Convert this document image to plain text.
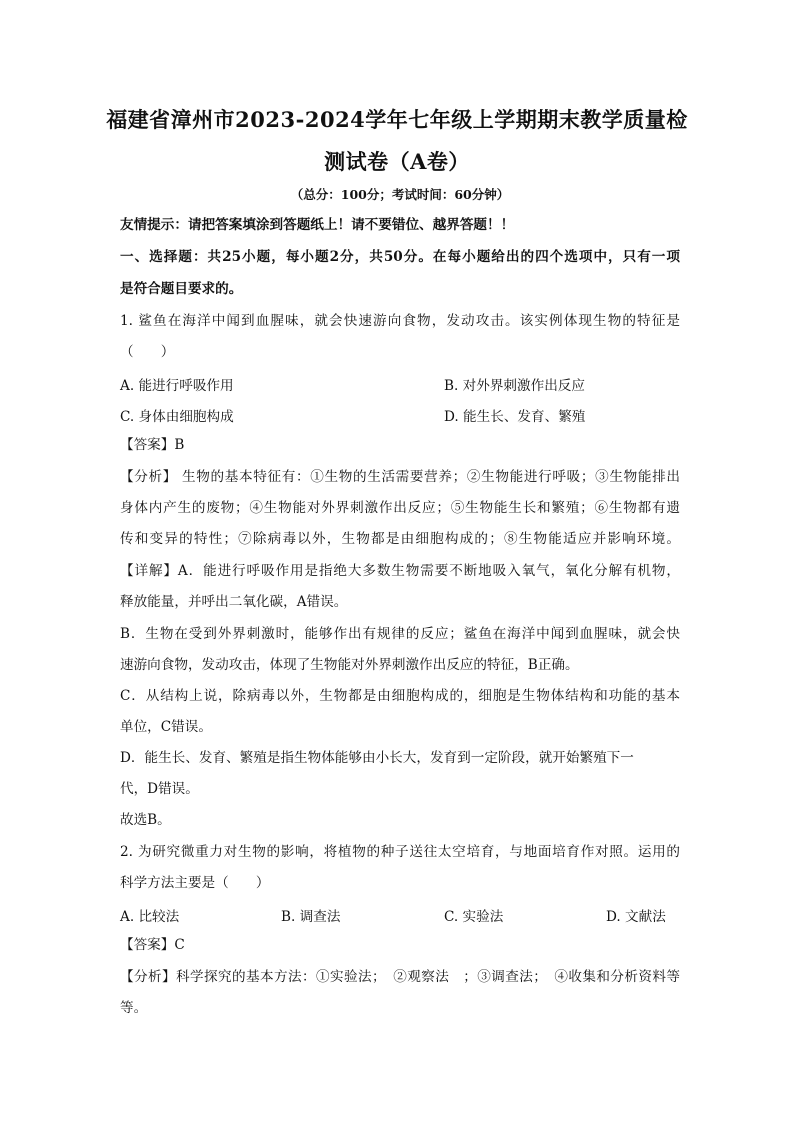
福建省漳州市2023-2024学年七年级上学期期末教学质量检
测试卷（A卷）
（总分：100分；考试时间：60分钟）
友情提示：请把答案填涂到答题纸上！请不要错位、越界答题！！
一、选择题：共25小题，每小题2分，共50分。在每小题给出的四个选项中，只有一项
是符合题目要求的。
1. 鲨鱼在海洋中闻到血腥味，就会快速游向食物，发动攻击。该实例体现生物的特征是
（　　）
A. 能进行呼吸作用	B. 对外界刺激作出反应
C. 身体由细胞构成	D. 能生长、发育、繁殖
【答案】B
【分析】 生物的基本特征有：①生物的生活需要营养；②生物能进行呼吸；③生物能排出
身体内产生的废物；④生物能对外界刺激作出反应；⑤生物能生长和繁殖；⑥生物都有遗
传和变异的特性；⑦除病毒以外，生物都是由细胞构成的；⑧生物能适应并影响环境。
【详解】A．能进行呼吸作用是指绝大多数生物需要不断地吸入氧气，氧化分解有机物，
释放能量，并呼出二氧化碳，A错误。
B．生物在受到外界刺激时，能够作出有规律的反应；鲨鱼在海洋中闻到血腥味，就会快
速游向食物，发动攻击，体现了生物能对外界刺激作出反应的特征，B正确。
C．从结构上说，除病毒以外，生物都是由细胞构成的，细胞是生物体结构和功能的基本
单位，C错误。
D．能生长、发育、繁殖是指生物体能够由小长大，发育到一定阶段，就开始繁殖下一
代，D错误。
故选B。
2. 为研究微重力对生物的影响，将植物的种子送往太空培育，与地面培育作对照。运用的
科学方法主要是（　　）
A. 比较法	B. 调查法	C. 实验法	D. 文献法
【答案】C
【分析】科学探究的基本方法：①实验法；　②观察法　；③调查法；　④收集和分析资料等
等。
